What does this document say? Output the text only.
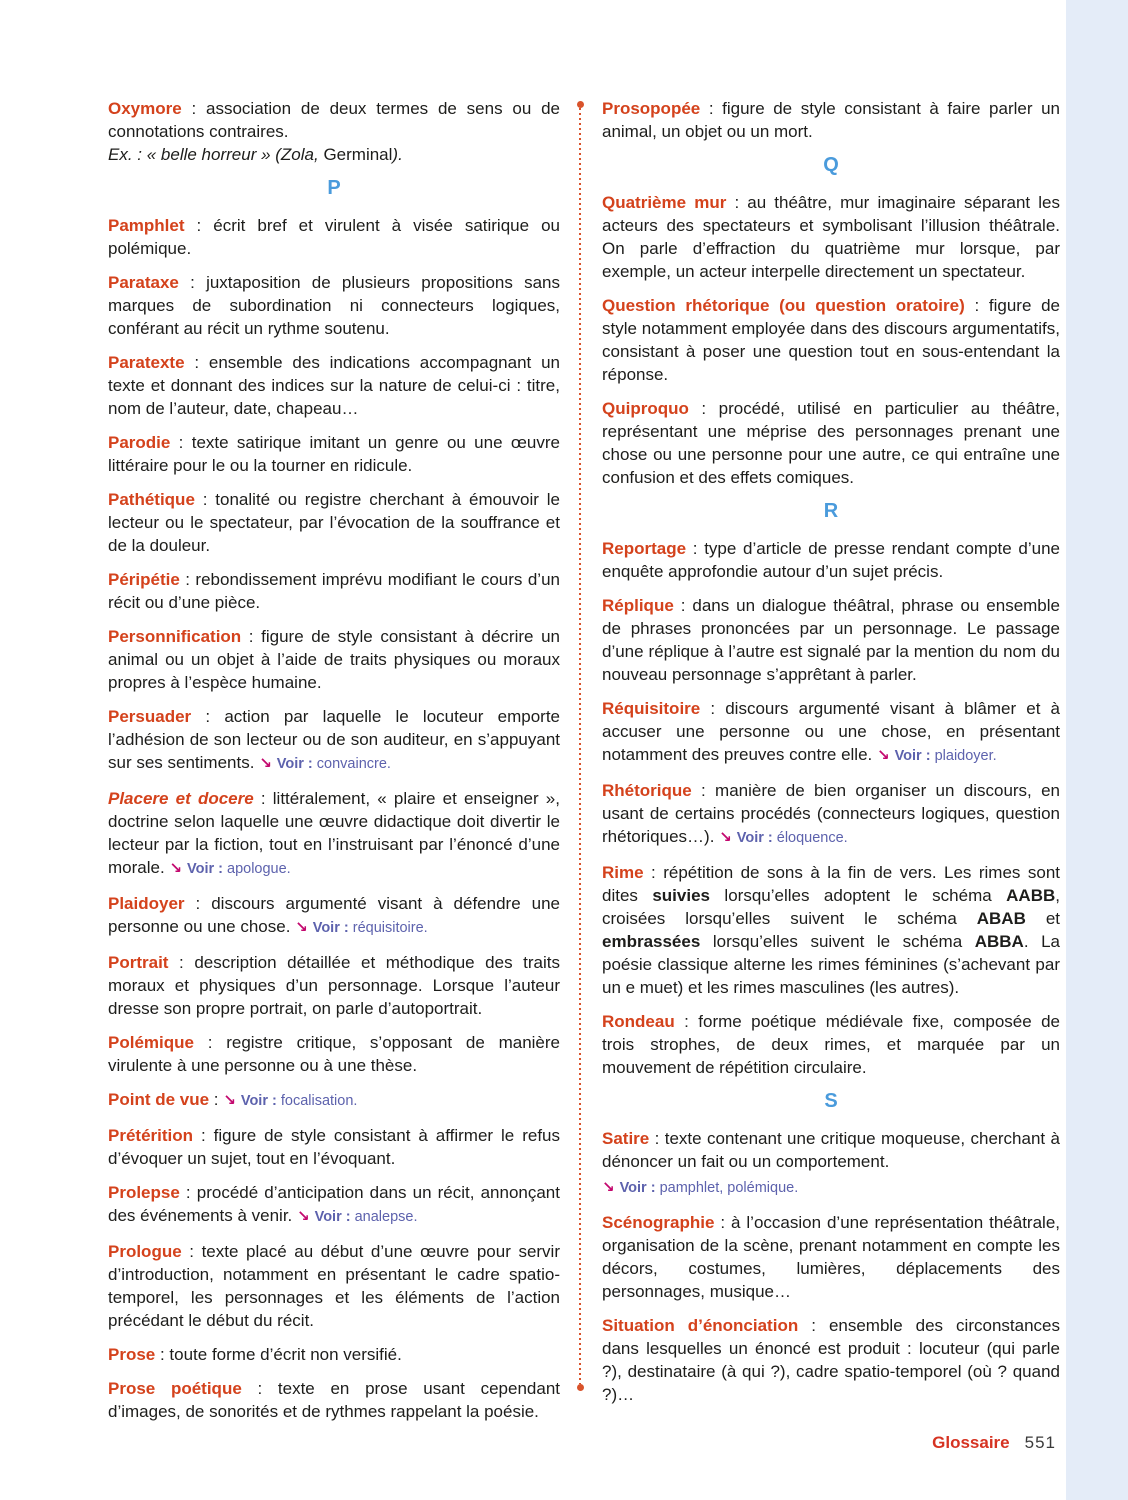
Oxymore : association de deux termes de sens ou de connotations contraires.
Ex. : « belle horreur » (Zola, Germinal).

P

Pamphlet : écrit bref et virulent à visée satirique ou polémique.

Parataxe : juxtaposition de plusieurs propositions sans marques de subordination ni connecteurs logiques, conférant au récit un rythme soutenu.

Paratexte : ensemble des indications accompagnant un texte et donnant des indices sur la nature de celui-ci : titre, nom de l’auteur, date, chapeau…

Parodie : texte satirique imitant un genre ou une œuvre littéraire pour le ou la tourner en ridicule.

Pathétique : tonalité ou registre cherchant à émouvoir le lecteur ou le spectateur, par l’évocation de la souffrance et de la douleur.

Péripétie : rebondissement imprévu modifiant le cours d’un récit ou d’une pièce.

Personnification : figure de style consistant à décrire un animal ou un objet à l’aide de traits physiques ou moraux propres à l’espèce humaine.

Persuader : action par laquelle le locuteur emporte l’adhésion de son lecteur ou de son auditeur, en s’appuyant sur ses sentiments. ↘ Voir : convaincre.

Placere et docere : littéralement, « plaire et enseigner », doctrine selon laquelle une œuvre didactique doit divertir le lecteur par la fiction, tout en l’instruisant par l’énoncé d’une morale. ↘ Voir : apologue.

Plaidoyer : discours argumenté visant à défendre une personne ou une chose. ↘ Voir : réquisitoire.

Portrait : description détaillée et méthodique des traits moraux et physiques d’un personnage. Lorsque l’auteur dresse son propre portrait, on parle d’autoportrait.

Polémique : registre critique, s’opposant de manière virulente à une personne ou à une thèse.

Point de vue : ↘ Voir : focalisation.

Prétérition : figure de style consistant à affirmer le refus d’évoquer un sujet, tout en l’évoquant.

Prolepse : procédé d’anticipation dans un récit, annonçant des événements à venir. ↘ Voir : analepse.

Prologue : texte placé au début d’une œuvre pour servir d’introduction, notamment en présentant le cadre spatio-temporel, les personnages et les éléments de l’action précédant le début du récit.

Prose : toute forme d’écrit non versifié.

Prose poétique : texte en prose usant cependant d’images, de sonorités et de rythmes rappelant la poésie.

Prosopopée : figure de style consistant à faire parler un animal, un objet ou un mort.

Q

Quatrième mur : au théâtre, mur imaginaire séparant les acteurs des spectateurs et symbolisant l’illusion théâtrale. On parle d’effraction du quatrième mur lorsque, par exemple, un acteur interpelle directement un spectateur.

Question rhétorique (ou question oratoire) : figure de style notamment employée dans des discours argumentatifs, consistant à poser une question tout en sous-entendant la réponse.

Quiproquo : procédé, utilisé en particulier au théâtre, représentant une méprise des personnages prenant une chose ou une personne pour une autre, ce qui entraîne une confusion et des effets comiques.

R

Reportage : type d’article de presse rendant compte d’une enquête approfondie autour d’un sujet précis.

Réplique : dans un dialogue théâtral, phrase ou ensemble de phrases prononcées par un personnage. Le passage d’une réplique à l’autre est signalé par la mention du nom du nouveau personnage s’apprêtant à parler.

Réquisitoire : discours argumenté visant à blâmer et à accuser une personne ou une chose, en présentant notamment des preuves contre elle. ↘ Voir : plaidoyer.

Rhétorique : manière de bien organiser un discours, en usant de certains procédés (connecteurs logiques, question rhétoriques…). ↘ Voir : éloquence.

Rime : répétition de sons à la fin de vers. Les rimes sont dites suivies lorsqu’elles adoptent le schéma AABB, croisées lorsqu’elles suivent le schéma ABAB et embrassées lorsqu’elles suivent le schéma ABBA. La poésie classique alterne les rimes féminines (s’achevant par un e muet) et les rimes masculines (les autres).

Rondeau : forme poétique médiévale fixe, composée de trois strophes, de deux rimes, et marquée par un mouvement de répétition circulaire.

S

Satire : texte contenant une critique moqueuse, cherchant à dénoncer un fait ou un comportement.
↘ Voir : pamphlet, polémique.

Scénographie : à l’occasion d’une représentation théâtrale, organisation de la scène, prenant notamment en compte les décors, costumes, lumières, déplacements des personnages, musique…

Situation d’énonciation : ensemble des circonstances dans lesquelles un énoncé est produit : locuteur (qui parle ?), destinataire (à qui ?), cadre spatio-temporel (où ? quand ?)…

Glossaire 551
